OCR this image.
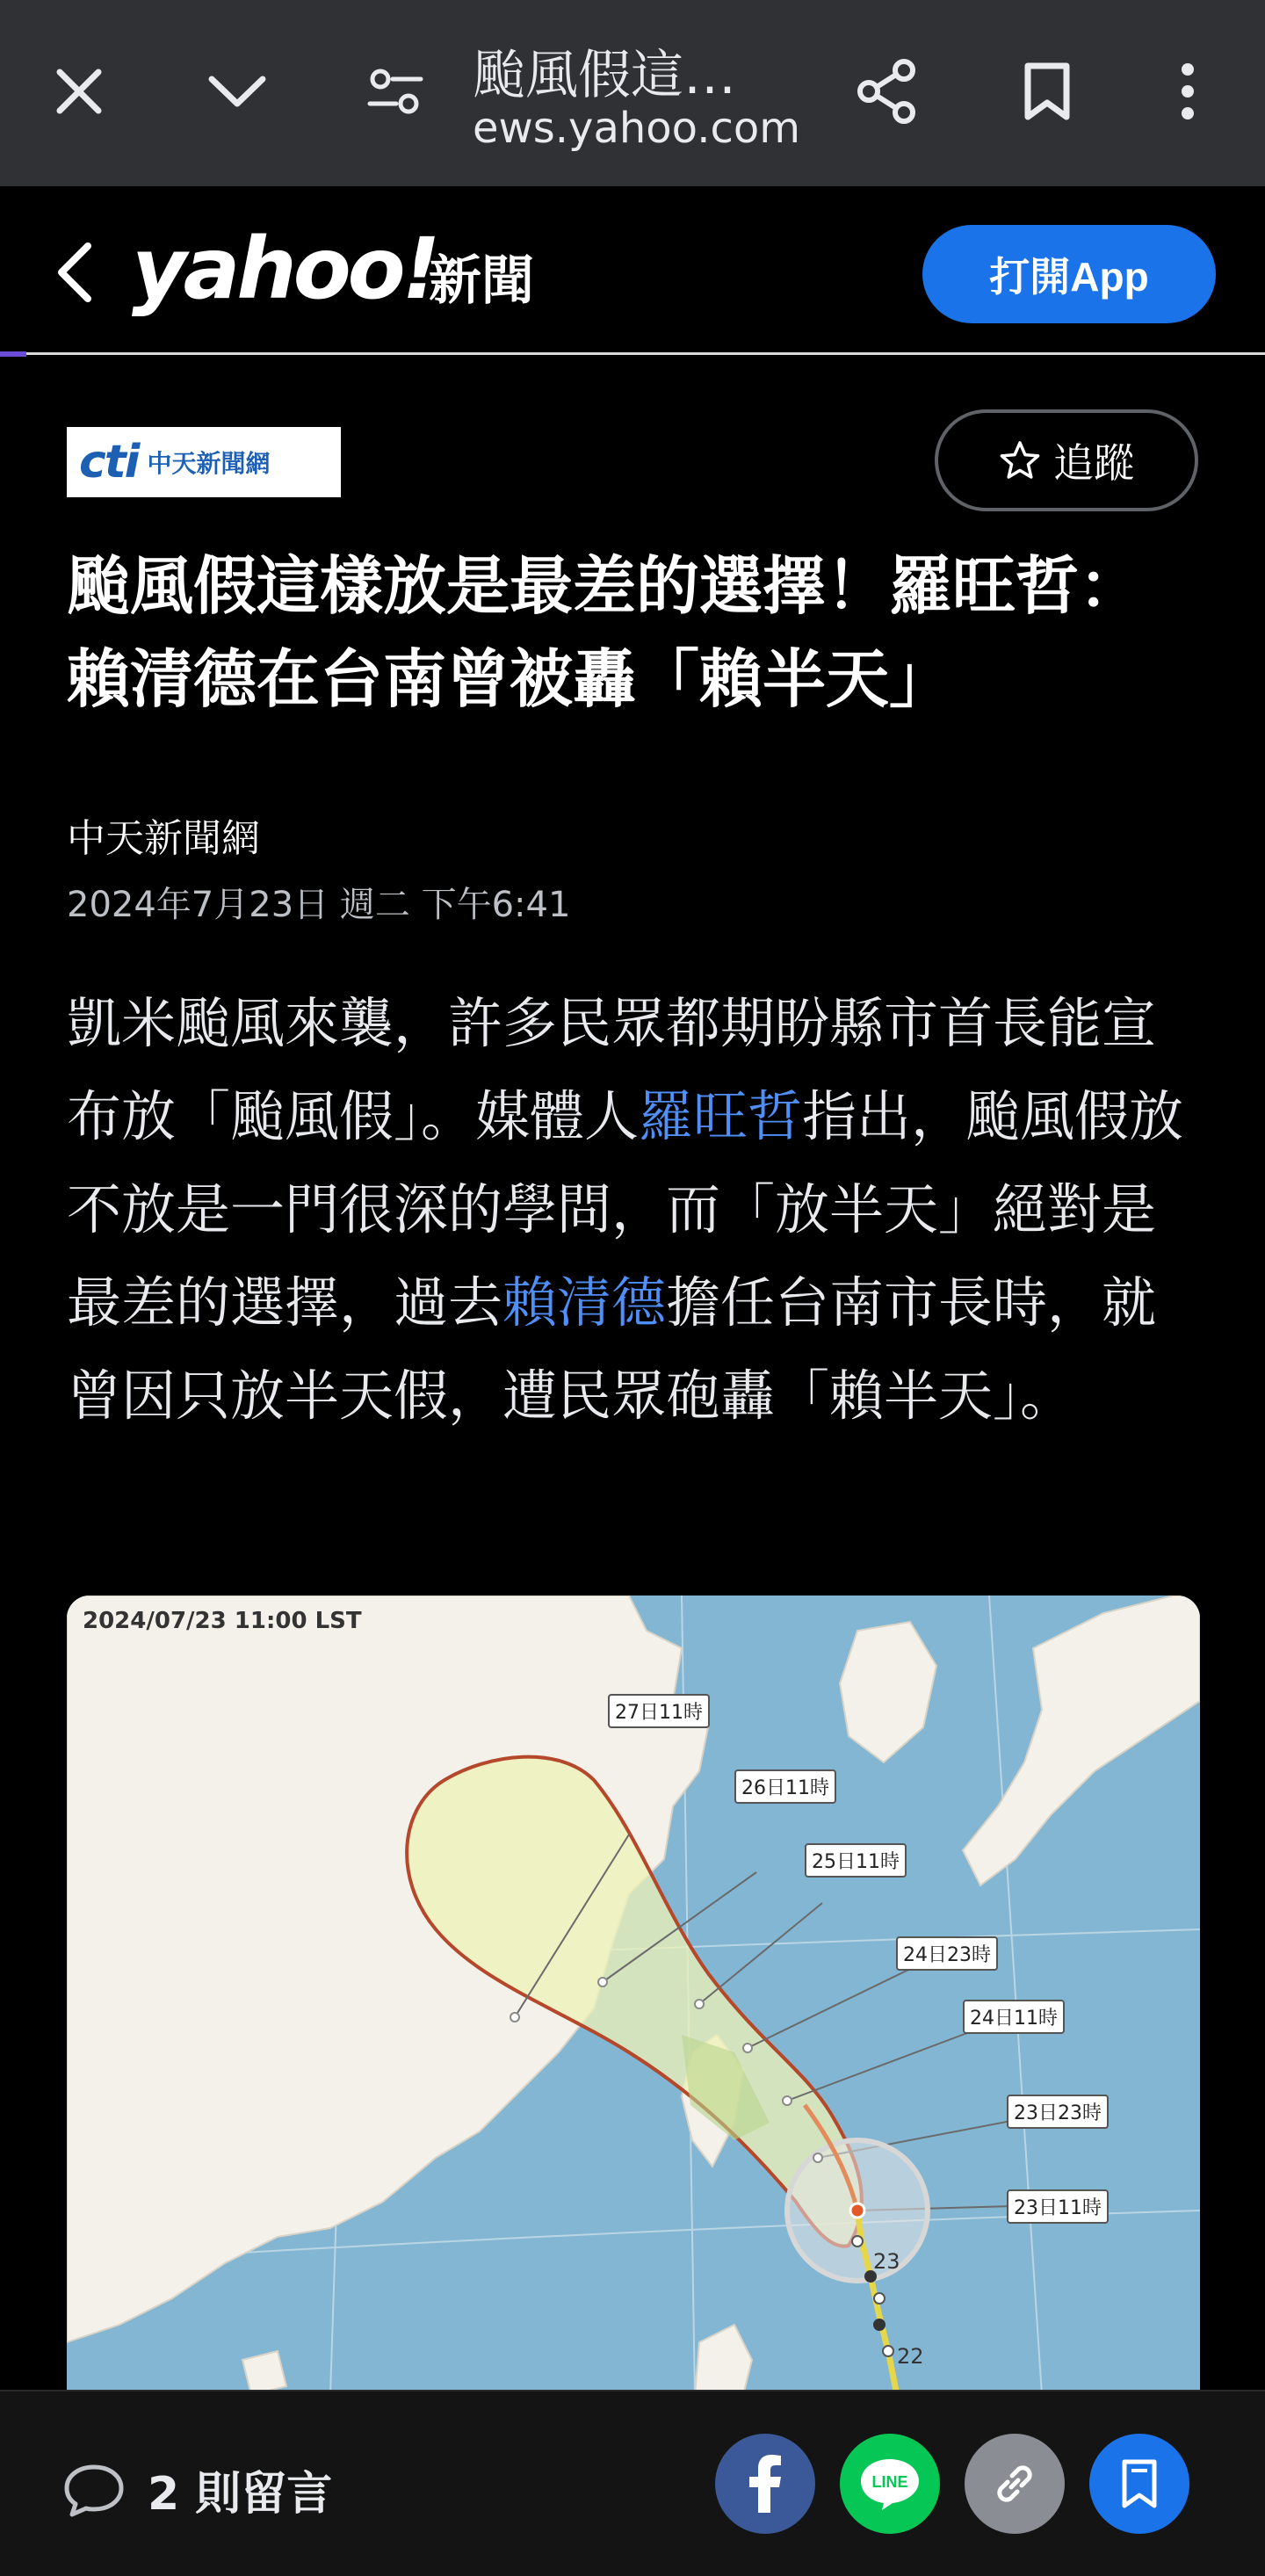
颱風假這…
ews.yahoo.com
yahoo!
新聞	打開App
cti 中天新聞網	追蹤
颱風假這樣放是最差的選擇！羅旺哲：賴清德在台南曾被轟「賴半天」
中天新聞網
2024年7月23日 週二 下午6:41

凱米颱風來襲，許多民眾都期盼縣市首長能宣布放「颱風假」。媒體人羅旺哲指出，颱風假放不放是一門很深的學問，而「放半天」絕對是最差的選擇，過去賴清德擔任台南市長時，就曾因只放半天假，遭民眾砲轟「賴半天」。

2024/07/23 11:00 LST
27日11時
26日11時
25日11時
24日23時
24日11時
23日23時
23日11時
23
22
2 則留言	LINE
